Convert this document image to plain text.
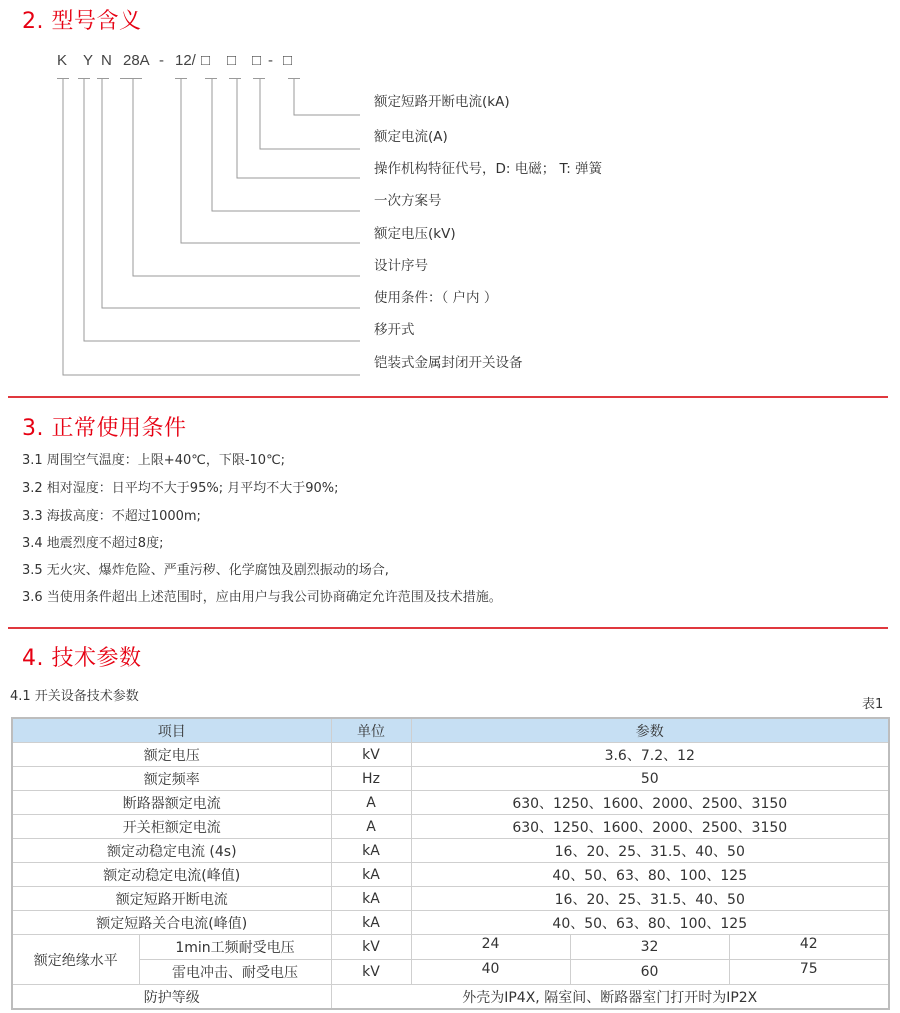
2. 型号含义
K Y N 28A - 12/ □ □ □ - □
额定短路开断电流(kA)
额定电流(A)
操作机构特征代号，D: 电磁； T: 弹簧
一次方案号
额定电压(kV)
设计序号
使用条件：（ 户内 ）
移开式
铠装式金属封闭开关设备
3. 正常使用条件
3.1 周围空气温度：上限+40℃，下限-10℃;
3.2 相对湿度：日平均不大于95%; 月平均不大于90%;
3.3 海拔高度：不超过1000m;
3.4 地震烈度不超过8度;
3.5 无火灾、爆炸危险、严重污秽、化学腐蚀及剧烈振动的场合,
3.6 当使用条件超出上述范围时，应由用户与我公司协商确定允许范围及技术措施。
4. 技术参数
4.1 开关设备技术参数
表1
项目		单位	参数		
额定电压		kV	3.6、7.2、12		
额定频率		Hz	50		
断路器额定电流		A	630、1250、1600、2000、2500、3150		
开关柜额定电流		A	630、1250、1600、2000、2500、3150		
额定动稳定电流 (4s)		kA	16、20、25、31.5、40、50		
额定动稳定电流(峰值)		kA	40、50、63、80、100、125		
额定短路开断电流		kA	16、20、25、31.5、40、50		
额定短路关合电流(峰值)		kA	40、50、63、80、100、125		
额定绝缘水平	1min工频耐受电压	kV	24	32	42
	雷电冲击、耐受电压	kV	40	60	75
防护等级		外壳为IP4X, 隔室间、断路器室门打开时为IP2X			
